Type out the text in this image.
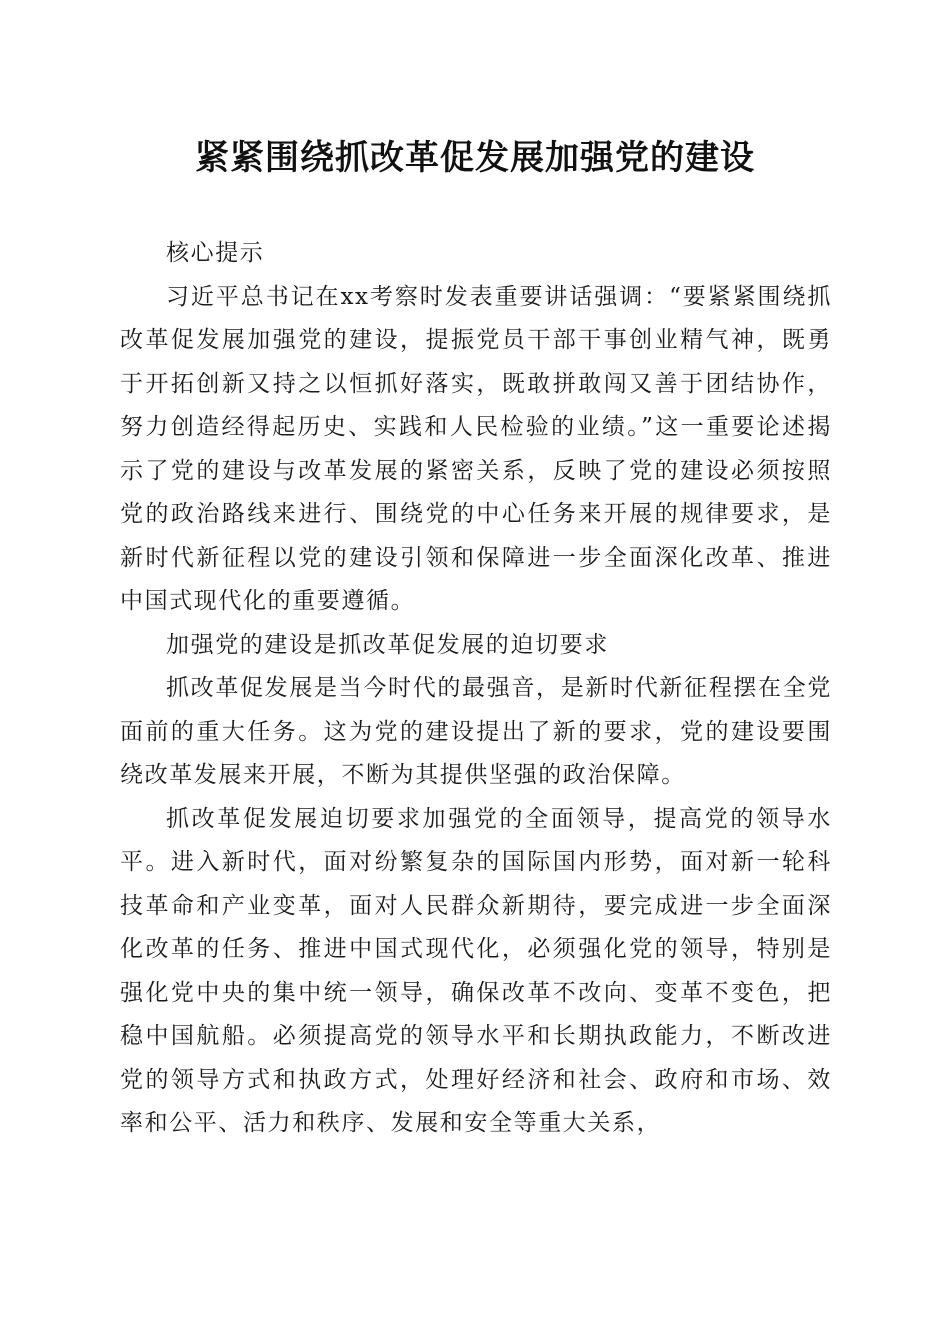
紧紧围绕抓改革促发展加强党的建设

核心提示

习近平总书记在xx考察时发表重要讲话强调：“要紧紧围绕抓改革促发展加强党的建设，提振党员干部干事创业精气神，既勇于开拓创新又持之以恒抓好落实，既敢拼敢闯又善于团结协作，努力创造经得起历史、实践和人民检验的业绩。”这一重要论述揭示了党的建设与改革发展的紧密关系，反映了党的建设必须按照党的政治路线来进行、围绕党的中心任务来开展的规律要求，是新时代新征程以党的建设引领和保障进一步全面深化改革、推进中国式现代化的重要遵循。

加强党的建设是抓改革促发展的迫切要求

抓改革促发展是当今时代的最强音，是新时代新征程摆在全党面前的重大任务。这为党的建设提出了新的要求，党的建设要围绕改革发展来开展，不断为其提供坚强的政治保障。

抓改革促发展迫切要求加强党的全面领导，提高党的领导水平。进入新时代，面对纷繁复杂的国际国内形势，面对新一轮科技革命和产业变革，面对人民群众新期待，要完成进一步全面深化改革的任务、推进中国式现代化，必须强化党的领导，特别是强化党中央的集中统一领导，确保改革不改向、变革不变色，把稳中国航船。必须提高党的领导水平和长期执政能力，不断改进党的领导方式和执政方式，处理好经济和社会、政府和市场、效率和公平、活力和秩序、发展和安全等重大关系，
